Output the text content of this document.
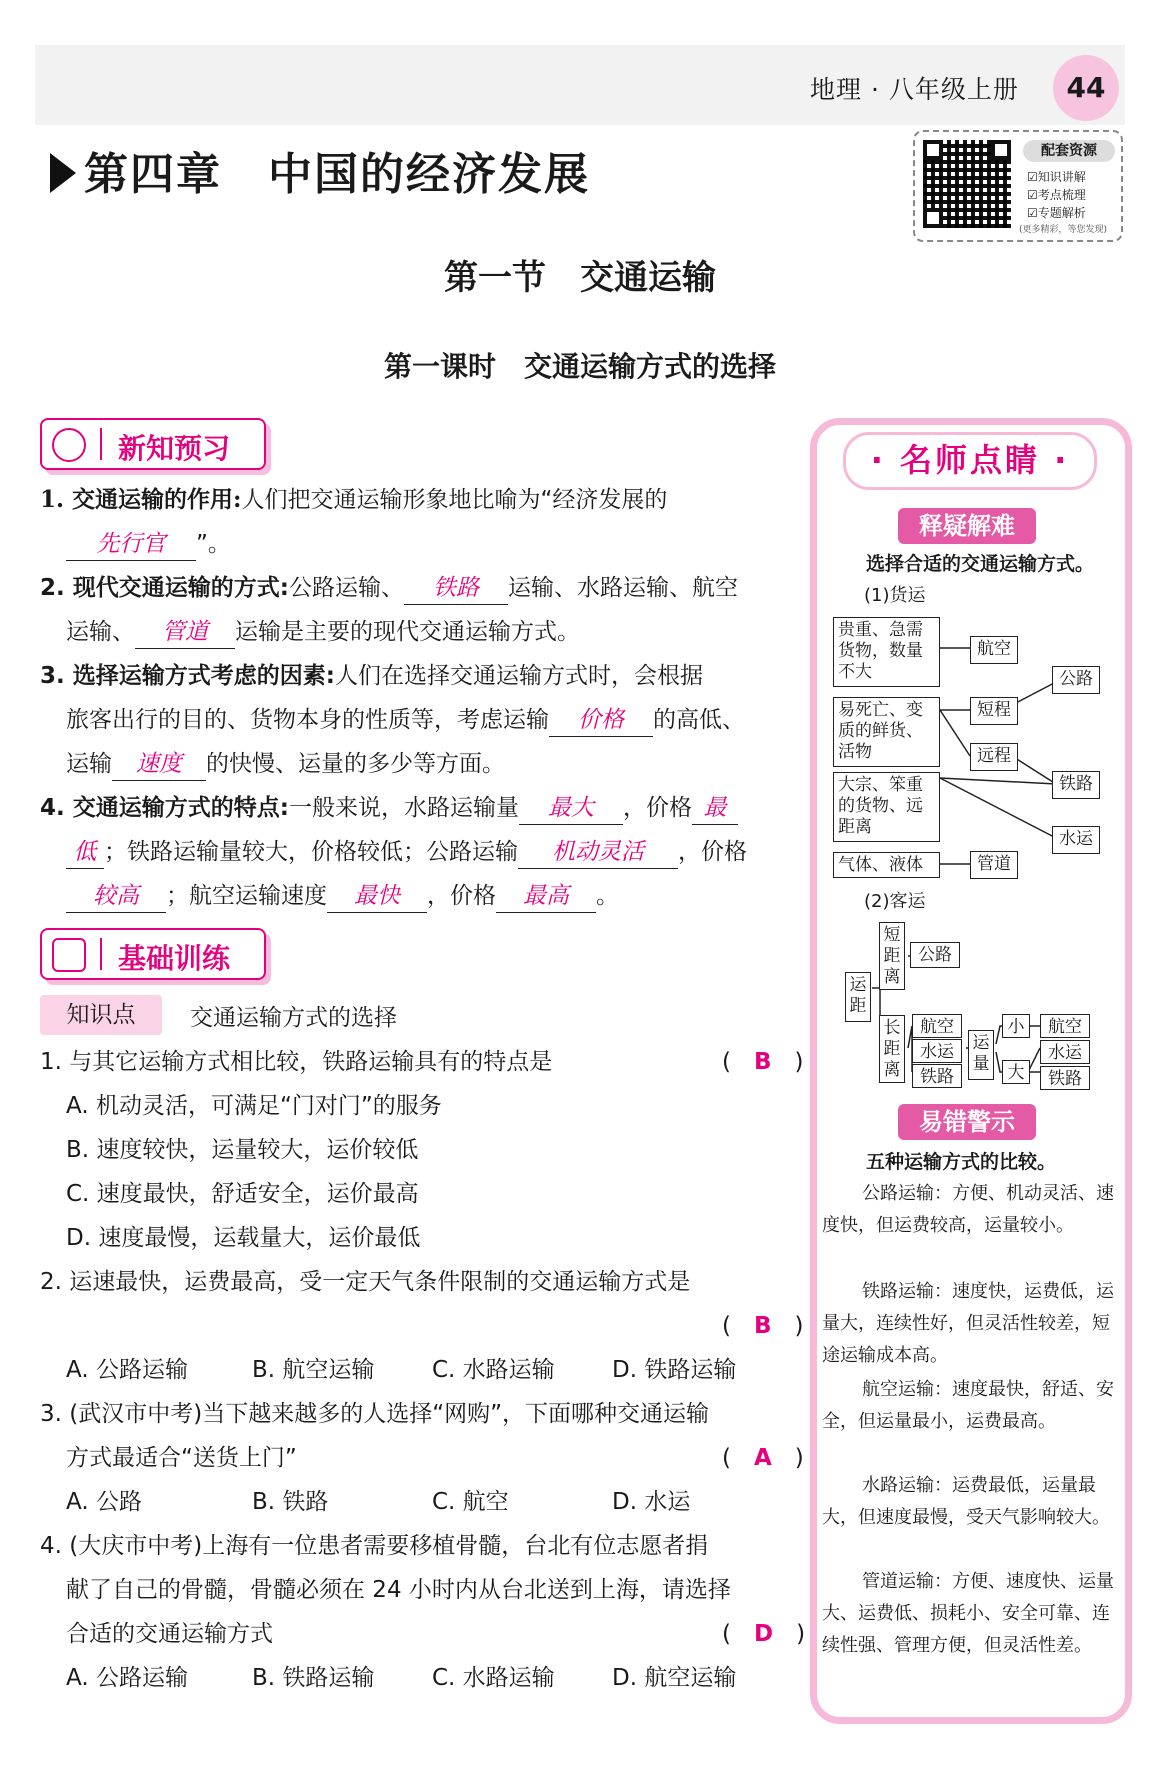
地理 · 八年级上册	44
第四章　中国的经济发展	配套资源
☑知识讲解
☑考点梳理
☑专题解析
(更多精彩，等您发现)
第一节　交通运输
第一课时　交通运输方式的选择
新知预习
1. 交通运输的作用:人们把交通运输形象地比喻为“经济发展的
先行官 ”。
2. 现代交通运输的方式:公路运输、 铁路 运输、水路运输、航空
运输、 管道 运输是主要的现代交通运输方式。
3. 选择运输方式考虑的因素:人们在选择交通运输方式时，会根据
旅客出行的目的、货物本身的性质等，考虑运输 价格 的高低、
运输 速度 的快慢、运量的多少等方面。
4. 交通运输方式的特点:一般来说，水路运输量 最大 ，价格 最
低 ；铁路运输量较大，价格较低；公路运输 机动灵活 ，价格
较高 ；航空运输速度 最快 ，价格 最高 。
基础训练
知识点	交通运输方式的选择
1. 与其它运输方式相比较，铁路运输具有的特点是	(　B　)
A. 机动灵活，可满足“门对门”的服务
B. 速度较快，运量较大，运价较低
C. 速度最快，舒适安全，运价最高
D. 速度最慢，运载量大，运价最低
2. 运速最快，运费最高，受一定天气条件限制的交通运输方式是
(　B　)
A. 公路运输	B. 航空运输	C. 水路运输 D. 铁路运输
3. (武汉市中考)当下越来越多的人选择“网购”，下面哪种交通运输
方式最适合“送货上门”	(　A　)
A. 公路	B. 铁路	C. 航空	D. 水运
4. (大庆市中考)上海有一位患者需要移植骨髓，台北有位志愿者捐
献了自己的骨髓，骨髓必须在 24 小时内从台北送到上海，请选择
合适的交通运输方式	(　D　)
A. 公路运输	B. 铁路运输	C. 水路运输 D. 航空运输
· 名师点睛 ·
释疑解难
选择合适的交通运输方式。
(1)货运
贵重、急需货物，数量不大
易死亡、变质的鲜货、活物
大宗、笨重的货物、远距离
气体、液体
航空
公路
短程
远程
铁路
水运
管道
(2)客运
运距
短距离
公路
长距离
航空
水运
铁路
运量
小
大
航空
水运
铁路
易错警示
五种运输方式的比较。
公路运输：方便、机动灵活、速度快，但运费较高，运量较小。
铁路运输：速度快，运费低，运量大，连续性好，但灵活性较差，短途运输成本高。
航空运输：速度最快，舒适、安全，但运量最小，运费最高。
水路运输：运费最低，运量最大，但速度最慢，受天气影响较大。
管道运输：方便、速度快、运量大、运费低、损耗小、安全可靠、连续性强、管理方便，但灵活性差。
